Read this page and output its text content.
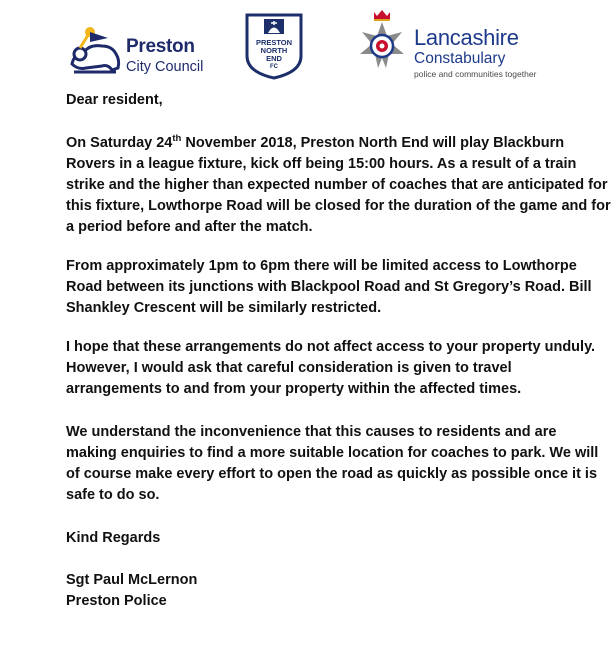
Preston
City Council
PRESTON
NORTH
END
FC
Lancashire
Constabulary
police and communities together

Dear resident,

On Saturday 24th November 2018, Preston North End will play Blackburn Rovers in a league fixture, kick off being 15:00 hours. As a result of a train strike and the higher than expected number of coaches that are anticipated for this fixture, Lowthorpe Road will be closed for the duration of the game and for a period before and after the match.

From approximately 1pm to 6pm there will be limited access to Lowthorpe Road between its junctions with Blackpool Road and St Gregory’s Road. Bill Shankley Crescent will be similarly restricted.

I hope that these arrangements do not affect access to your property unduly. However, I would ask that careful consideration is given to travel arrangements to and from your property within the affected times.

We understand the inconvenience that this causes to residents and are making enquiries to find a more suitable location for coaches to park. We will of course make every effort to open the road as quickly as possible once it is safe to do so.

Kind Regards

Sgt Paul McLernon

Preston Police
